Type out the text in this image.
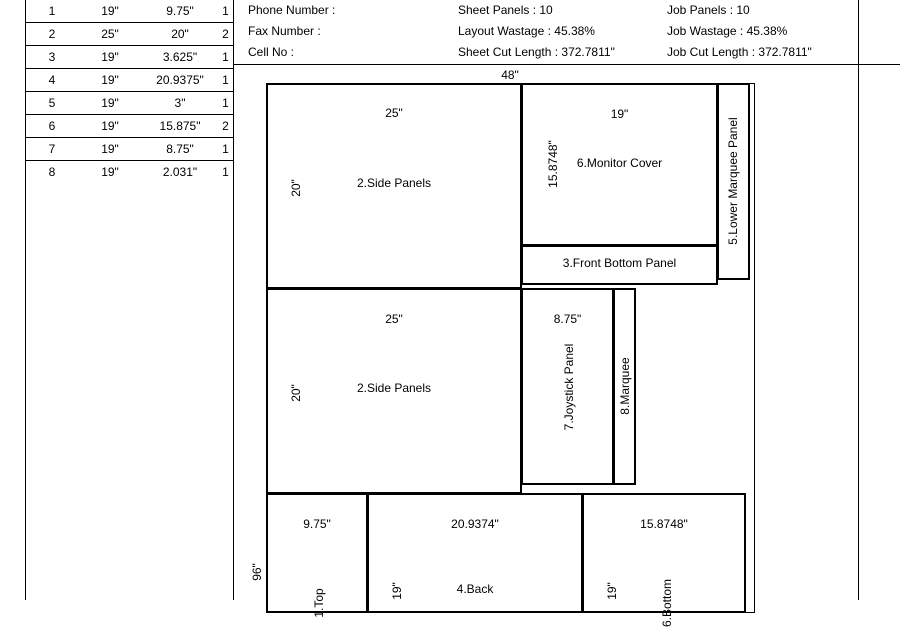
1	19"	9.75"	1
2	25"	20"	2
3	19"	3.625"	1
4	19"	20.9375"	1
5	19"	3"	1
6	19"	15.875"	2
7	19"	8.75"	1
8	19"	2.031"	1
Phone Number :
Fax Number :
Cell No :
Sheet Panels : 10
Layout Wastage : 45.38%
Sheet Cut Length : 372.7811"
Job Panels : 10
Job Wastage : 45.38%
Job Cut Length : 372.7811"
48"
96"
25"
2.Side Panels
20"
19"
6.Monitor Cover
15.8748"	5.Lower Marquee Panel
3.Front Bottom Panel
25"
2.Side Panels
20"
8.75"
7.Joystick Panel	8.Marquee
9.75"
1.Top
20.9374"
4.Back
19"
15.8748"
6.Bottom
19"
